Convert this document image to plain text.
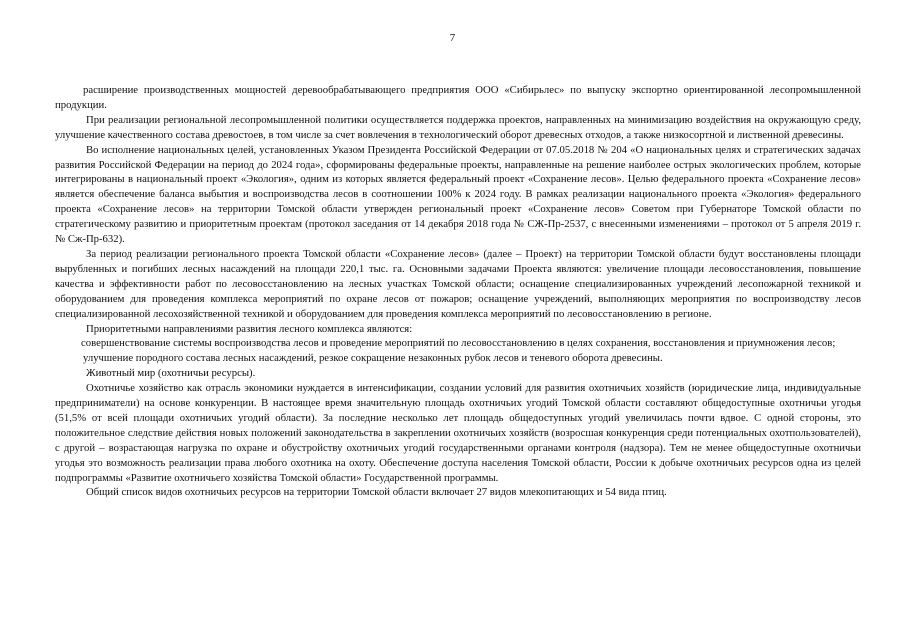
7

расширение производственных мощностей деревообрабатывающего предприятия ООО «Сибирьлес» по выпуску экспортно ориентированной лесопромышленной продукции.

При реализации региональной лесопромышленной политики осуществляется поддержка проектов, направленных на минимизацию воздействия на окружающую среду, улучшение качественного состава древостоев, в том числе за счет вовлечения в технологический оборот древесных отходов, а также низкосортной и лиственной древесины.

Во исполнение национальных целей, установленных Указом Президента Российской Федерации от 07.05.2018 № 204 «О национальных целях и стратегических задачах развития Российской Федерации на период до 2024 года», сформированы федеральные проекты, направленные на решение наиболее острых экологических проблем, которые интегрированы в национальный проект «Экология», одним из которых является федеральный проект «Сохранение лесов». Целью федерального проекта «Сохранение лесов» является обеспечение баланса выбытия и воспроизводства лесов в соотношении 100% к 2024 году. В рамках реализации национального проекта «Экология» федерального проекта «Сохранение лесов» на территории Томской области утвержден региональный проект «Сохранение лесов» Советом при Губернаторе Томской области по стратегическому развитию и приоритетным проектам (протокол заседания от 14 декабря 2018 года № СЖ-Пр-2537, с внесенными изменениями – протокол от 5 апреля 2019 г. № Сж-Пр-632).

За период реализации регионального проекта Томской области «Сохранение лесов» (далее – Проект) на территории Томской области будут восстановлены площади вырубленных и погибших лесных насаждений на площади 220,1 тыс. га. Основными задачами Проекта являются: увеличение площади лесовосстановления, повышение качества и эффективности работ по лесовосстановлению на лесных участках Томской области; оснащение специализированных учреждений лесопожарной техникой и оборудованием для проведения комплекса мероприятий по охране лесов от пожаров; оснащение учреждений, выполняющих мероприятия по воспроизводству лесов специализированной лесохозяйственной техникой и оборудованием для проведения комплекса мероприятий по лесовосстановлению в регионе.

Приоритетными направлениями развития лесного комплекса являются:

совершенствование системы воспроизводства лесов и проведение мероприятий по лесовосстановлению в целях сохранения, восстановления и приумножения лесов;

улучшение породного состава лесных насаждений, резкое сокращение незаконных рубок лесов и теневого оборота древесины.

Животный мир (охотничьи ресурсы).

Охотничье хозяйство как отрасль экономики нуждается в интенсификации, создании условий для развития охотничьих хозяйств (юридические лица, индивидуальные предприниматели) на основе конкуренции. В настоящее время значительную площадь охотничьих угодий Томской области составляют общедоступные охотничьи угодья (51,5% от всей площади охотничьих угодий области). За последние несколько лет площадь общедоступных угодий увеличилась почти вдвое. С одной стороны, это положительное следствие действия новых положений законодательства в закреплении охотничьих хозяйств (возросшая конкуренция среди потенциальных охотпользователей), с другой – возрастающая нагрузка по охране и обустройству охотничьих угодий государственными органами контроля (надзора). Тем не менее общедоступные охотничьи угодья это возможность реализации права любого охотника на охоту. Обеспечение доступа населения Томской области, России к добыче охотничьих ресурсов одна из целей подпрограммы «Развитие охотничьего хозяйства Томской области» Государственной программы.

Общий список видов охотничьих ресурсов на территории Томской области включает 27 видов млекопитающих и 54 вида птиц.
